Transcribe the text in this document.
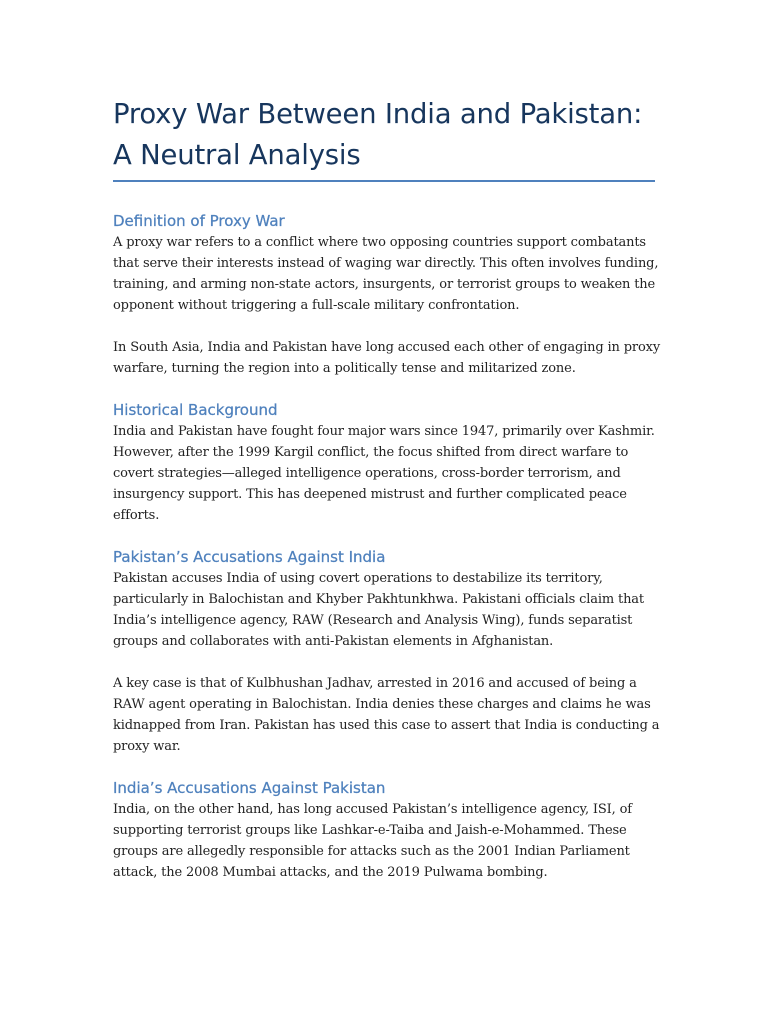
Proxy War Between India and Pakistan:
A Neutral Analysis
Definition of Proxy War

A proxy war refers to a conflict where two opposing countries support combatants
that serve their interests instead of waging war directly. This often involves funding,
training, and arming non-state actors, insurgents, or terrorist groups to weaken the
opponent without triggering a full-scale military confrontation.

In South Asia, India and Pakistan have long accused each other of engaging in proxy
warfare, turning the region into a politically tense and militarized zone.

Historical Background

India and Pakistan have fought four major wars since 1947, primarily over Kashmir.
However, after the 1999 Kargil conflict, the focus shifted from direct warfare to
covert strategies—alleged intelligence operations, cross-border terrorism, and
insurgency support. This has deepened mistrust and further complicated peace
efforts.

Pakistan’s Accusations Against India

Pakistan accuses India of using covert operations to destabilize its territory,
particularly in Balochistan and Khyber Pakhtunkhwa. Pakistani officials claim that
India’s intelligence agency, RAW (Research and Analysis Wing), funds separatist
groups and collaborates with anti-Pakistan elements in Afghanistan.

A key case is that of Kulbhushan Jadhav, arrested in 2016 and accused of being a
RAW agent operating in Balochistan. India denies these charges and claims he was
kidnapped from Iran. Pakistan has used this case to assert that India is conducting a
proxy war.

India’s Accusations Against Pakistan

India, on the other hand, has long accused Pakistan’s intelligence agency, ISI, of
supporting terrorist groups like Lashkar-e-Taiba and Jaish-e-Mohammed. These
groups are allegedly responsible for attacks such as the 2001 Indian Parliament
attack, the 2008 Mumbai attacks, and the 2019 Pulwama bombing.
